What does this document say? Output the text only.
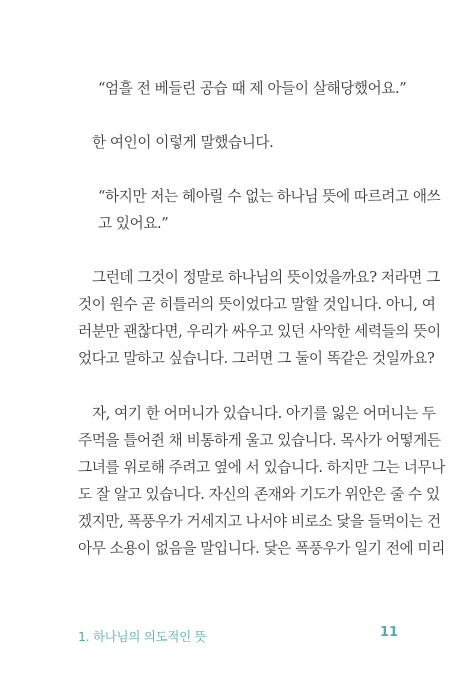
“엄흘 전 베들린 공습 때 제 아들이 살해당했어요.”
한 여인이 이렇게 말했습니다.
“하지만 저는 헤아릴 수 없는 하나님 뜻에 따르려고 애쓰
고 있어요.”
그런데 그것이 정말로 하나님의 뜻이었을까요? 저라면 그
것이 원수 곧 히틀러의 뜻이었다고 말할 것입니다. 아니, 여
러분만 괜찮다면, 우리가 싸우고 있던 사악한 세력들의 뜻이
었다고 말하고 싶습니다. 그러면 그 둘이 똑같은 것일까요?
자, 여기 한 어머니가 있습니다. 아기를 잃은 어머니는 두
주먹을 틀어쥔 채 비통하게 울고 있습니다. 목사가 어떻게든
그녀를 위로해 주려고 옆에 서 있습니다. 하지만 그는 너무나
도 잘 알고 있습니다. 자신의 존재와 기도가 위안은 줄 수 있
겠지만, 폭풍우가 거세지고 나서야 비로소 닻을 들먹이는 건
아무 소용이 없음을 말입니다. 닻은 폭풍우가 일기 전에 미리
1. 하나님의 의도적인 뜻	11
